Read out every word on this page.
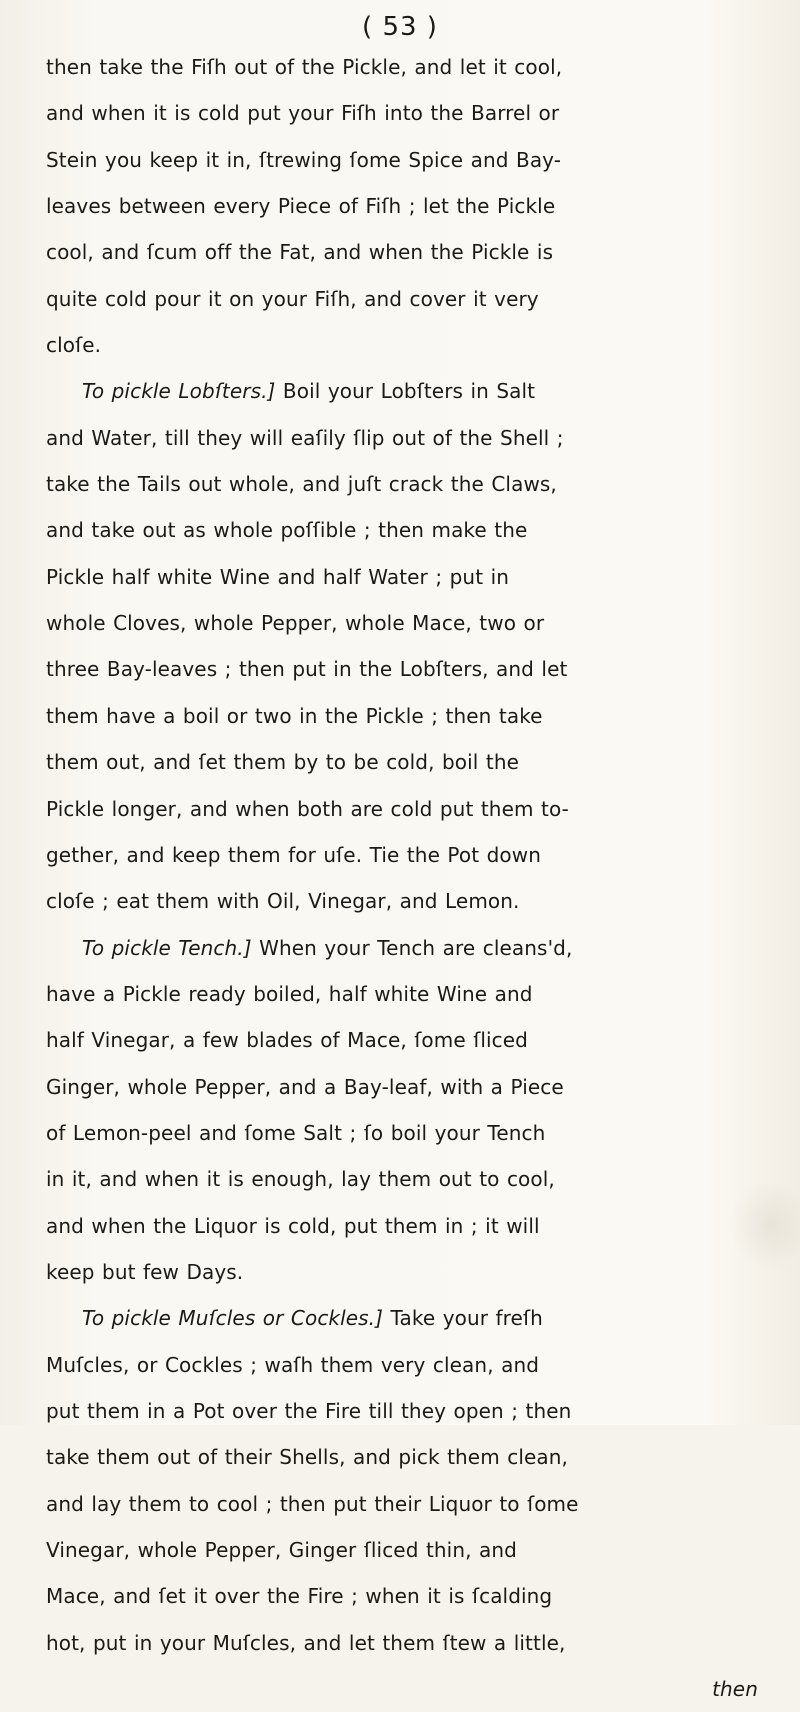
( 53 )
then take the Fiſh out of the Pickle, and let it cool,
and when it is cold put your Fiſh into the Barrel or
Stein you keep it in, ſtrewing ſome Spice and Bay-
leaves between every Piece of Fiſh ; let the Pickle
cool, and ſcum off the Fat, and when the Pickle is
quite cold pour it on your Fiſh, and cover it very
cloſe.
To pickle Lobſters.] Boil your Lobſters in Salt
and Water, till they will eaſily ſlip out of the Shell ;
take the Tails out whole, and juſt crack the Claws,
and take out as whole poſſible ; then make the
Pickle half white Wine and half Water ; put in
whole Cloves, whole Pepper, whole Mace, two or
three Bay-leaves ; then put in the Lobſters, and let
them have a boil or two in the Pickle ; then take
them out, and ſet them by to be cold, boil the
Pickle longer, and when both are cold put them to-
gether, and keep them for uſe. Tie the Pot down
cloſe ; eat them with Oil, Vinegar, and Lemon.
To pickle Tench.] When your Tench are cleans'd,
have a Pickle ready boiled, half white Wine and
half Vinegar, a few blades of Mace, ſome ſliced
Ginger, whole Pepper, and a Bay-leaf, with a Piece
of Lemon-peel and ſome Salt ; ſo boil your Tench
in it, and when it is enough, lay them out to cool,
and when the Liquor is cold, put them in ; it will
keep but few Days.
To pickle Muſcles or Cockles.] Take your freſh
Muſcles, or Cockles ; waſh them very clean, and
put them in a Pot over the Fire till they open ; then
take them out of their Shells, and pick them clean,
and lay them to cool ; then put their Liquor to ſome
Vinegar, whole Pepper, Ginger ſliced thin, and
Mace, and ſet it over the Fire ; when it is ſcalding
hot, put in your Muſcles, and let them ſtew a little,
then
